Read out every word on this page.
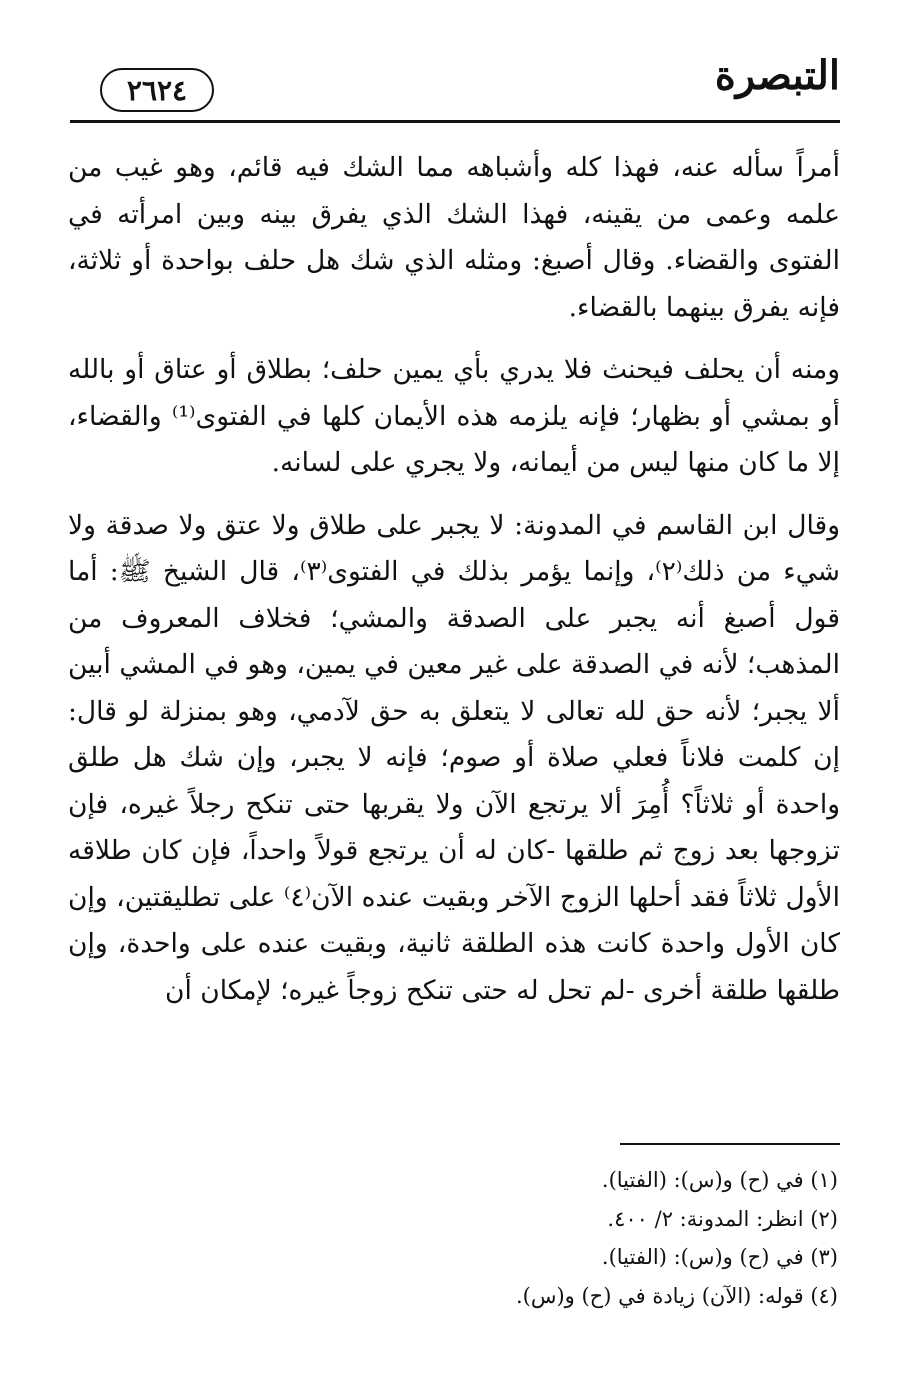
التبصرة
٢٦٢٤

أمراً سأله عنه، فهذا كله وأشباهه مما الشك فيه قائم، وهو غيب من علمه وعمى من يقينه، فهذا الشك الذي يفرق بينه وبين امرأته في الفتوى والقضاء. وقال أصبغ: ومثله الذي شك هل حلف بواحدة أو ثلاثة، فإنه يفرق بينهما بالقضاء.

ومنه أن يحلف فيحنث فلا يدري بأي يمين حلف؛ بطلاق أو عتاق أو بالله أو بمشي أو بظهار؛ فإنه يلزمه هذه الأيمان كلها في الفتوى⁽¹⁾ والقضاء، إلا ما كان منها ليس من أيمانه، ولا يجري على لسانه.

وقال ابن القاسم في المدونة: لا يجبر على طلاق ولا عتق ولا صدقة ولا شيء من ذلك⁽٢⁾، وإنما يؤمر بذلك في الفتوى⁽٣⁾، قال الشيخ ﷺ: أما قول أصبغ أنه يجبر على الصدقة والمشي؛ فخلاف المعروف من المذهب؛ لأنه في الصدقة على غير معين في يمين، وهو في المشي أبين ألا يجبر؛ لأنه حق لله تعالى لا يتعلق به حق لآدمي، وهو بمنزلة لو قال: إن كلمت فلاناً فعلي صلاة أو صوم؛ فإنه لا يجبر، وإن شك هل طلق واحدة أو ثلاثاً؟ أُمِرَ ألا يرتجع الآن ولا يقربها حتى تنكح رجلاً غيره، فإن تزوجها بعد زوج ثم طلقها -كان له أن يرتجع قولاً واحداً، فإن كان طلاقه الأول ثلاثاً فقد أحلها الزوج الآخر وبقيت عنده الآن⁽٤⁾ على تطليقتين، وإن كان الأول واحدة كانت هذه الطلقة ثانية، وبقيت عنده على واحدة، وإن طلقها طلقة أخرى -لم تحل له حتى تنكح زوجاً غيره؛ لإمكان أن

(١) في (ح) و(س): (الفتيا).

(٢) انظر: المدونة: ٢/ ٤٠٠.

(٣) في (ح) و(س): (الفتيا).

(٤) قوله: (الآن) زيادة في (ح) و(س).
